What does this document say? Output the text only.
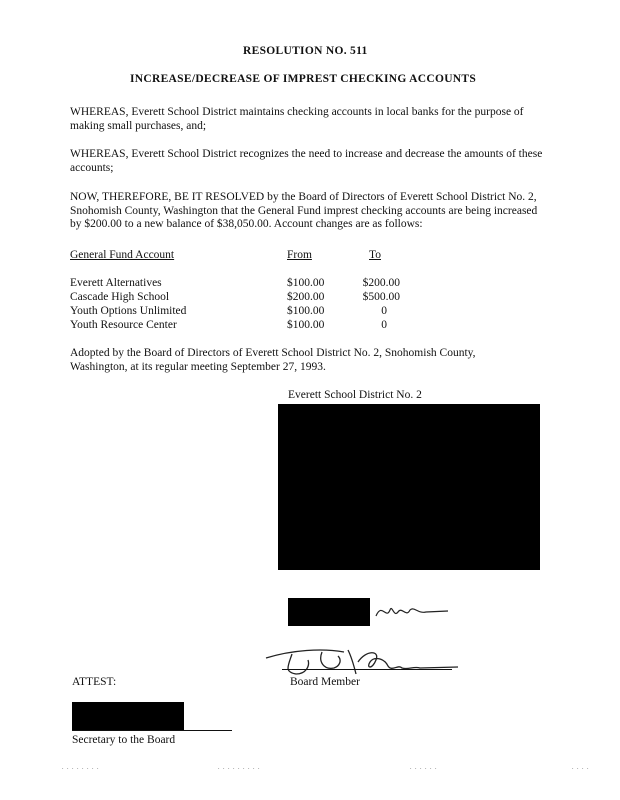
RESOLUTION NO. 511
INCREASE/DECREASE OF IMPREST CHECKING ACCOUNTS
WHEREAS, Everett School District maintains checking accounts in local banks for the purpose of making small purchases, and;
WHEREAS, Everett School District recognizes the need to increase and decrease the amounts of these accounts;
NOW, THEREFORE, BE IT RESOLVED by the Board of Directors of Everett School District No. 2, Snohomish County, Washington that the General Fund imprest checking accounts are being increased by $200.00 to a new balance of $38,050.00. Account changes are as follows:
General Fund Account	From	To
Everett Alternatives	$100.00	$200.00
Cascade High School	$200.00	$500.00
Youth Options Unlimited	$100.00	0
Youth Resource Center	$100.00	0
Adopted by the Board of Directors of Everett School District No. 2, Snohomish County, Washington, at its regular meeting September 27, 1993.
Everett School District No. 2
Board Member
ATTEST:
Secretary to the Board
. . . . . . . .	. . . . . . . . .	. . . . . .	. . . .
